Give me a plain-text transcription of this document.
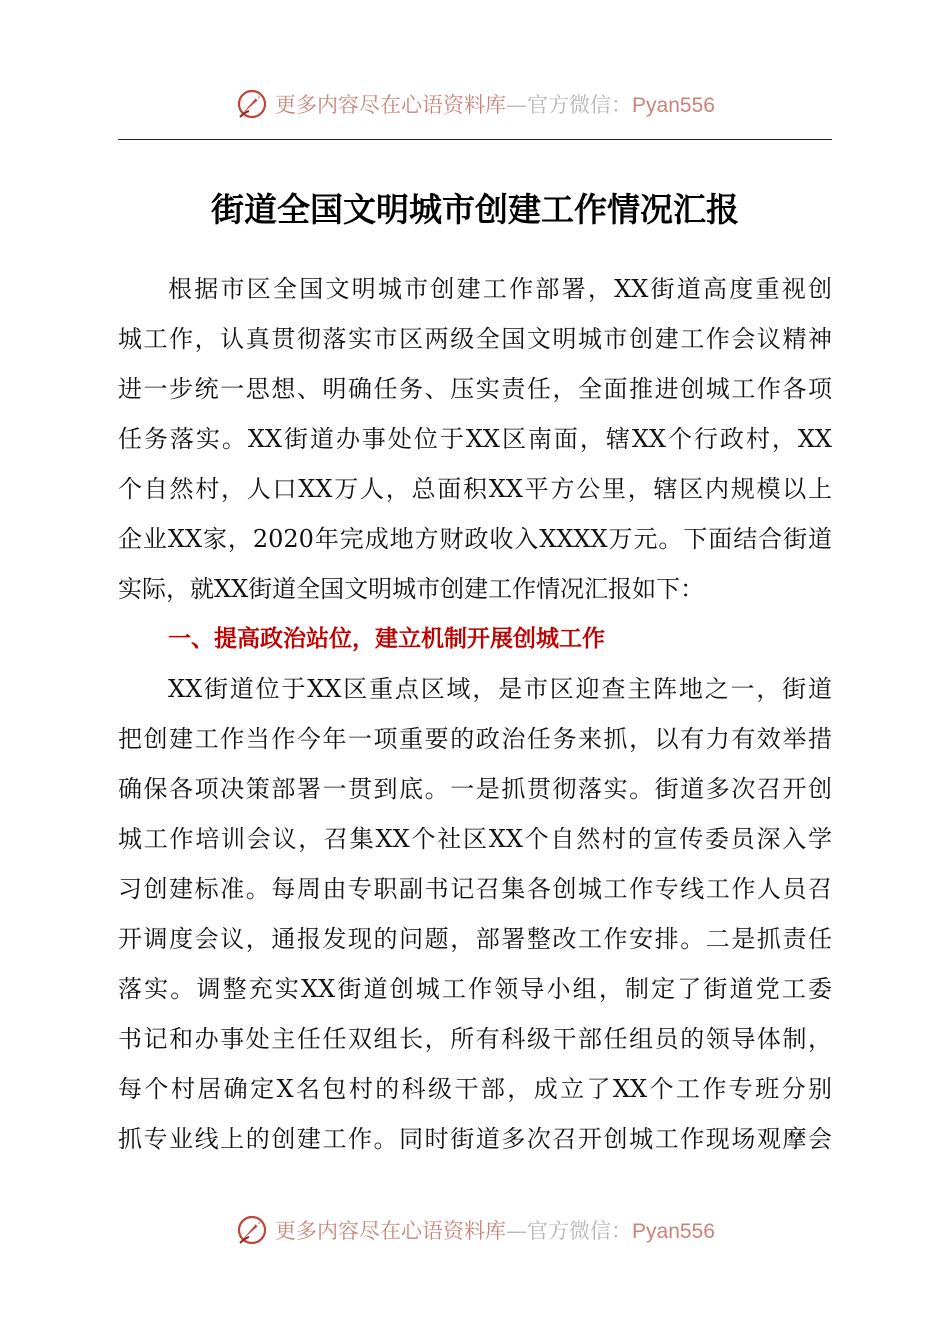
更多内容尽在心语资料库—官方微信：Pyan556
街道全国文明城市创建工作情况汇报
根据市区全国文明城市创建工作部署，XX街道高度重视创
城工作，认真贯彻落实市区两级全国文明城市创建工作会议精神
进一步统一思想、明确任务、压实责任，全面推进创城工作各项
任务落实。XX街道办事处位于XX区南面，辖XX个行政村，XX
个自然村，人口XX万人，总面积XX平方公里，辖区内规模以上
企业XX家，2020年完成地方财政收入XXXX万元。下面结合街道
实际，就XX街道全国文明城市创建工作情况汇报如下：
一、提高政治站位，建立机制开展创城工作
XX街道位于XX区重点区域，是市区迎查主阵地之一，街道
把创建工作当作今年一项重要的政治任务来抓，以有力有效举措
确保各项决策部署一贯到底。一是抓贯彻落实。街道多次召开创
城工作培训会议，召集XX个社区XX个自然村的宣传委员深入学
习创建标准。每周由专职副书记召集各创城工作专线工作人员召
开调度会议，通报发现的问题，部署整改工作安排。二是抓责任
落实。调整充实XX街道创城工作领导小组，制定了街道党工委
书记和办事处主任任双组长，所有科级干部任组员的领导体制，
每个村居确定X名包村的科级干部，成立了XX个工作专班分别
抓专业线上的创建工作。同时街道多次召开创城工作现场观摩会
更多内容尽在心语资料库—官方微信：Pyan556
